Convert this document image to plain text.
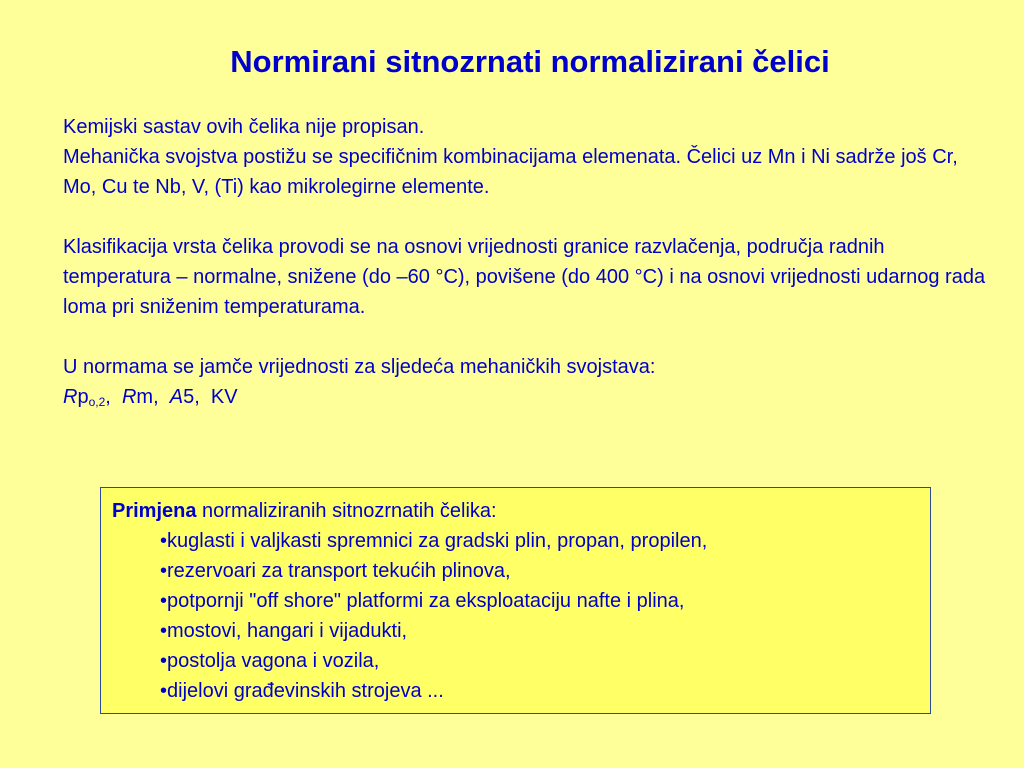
Normirani sitnozrnati normalizirani čelici

Kemijski sastav ovih čelika nije propisan.

Mehanička svojstva postižu se specifičnim kombinacijama elemenata. Čelici uz Mn i Ni sadrže još Cr, Mo, Cu te Nb, V, (Ti) kao mikrolegirne elemente.

Klasifikacija vrsta čelika provodi se na osnovi vrijednosti granice razvlačenja, područja radnih temperatura – normalne, snižene (do –60 °C), povišene (do 400 °C) i na osnovi vrijednosti udarnog rada loma pri sniženim temperaturama.

U normama se jamče vrijednosti za sljedeća mehaničkih svojstava:

$Rp_{o,2}$, Rm, A5, KV

Primjena normaliziranih sitnozrnatih čelika:

•kuglasti i valjkasti spremnici za gradski plin, propan, propilen,
•rezervoari za transport tekućih plinova,
•potpornji "off shore" platformi za eksploataciju nafte i plina,
•mostovi, hangari i vijadukti,
•postolja vagona i vozila,
•dijelovi građevinskih strojeva ...
